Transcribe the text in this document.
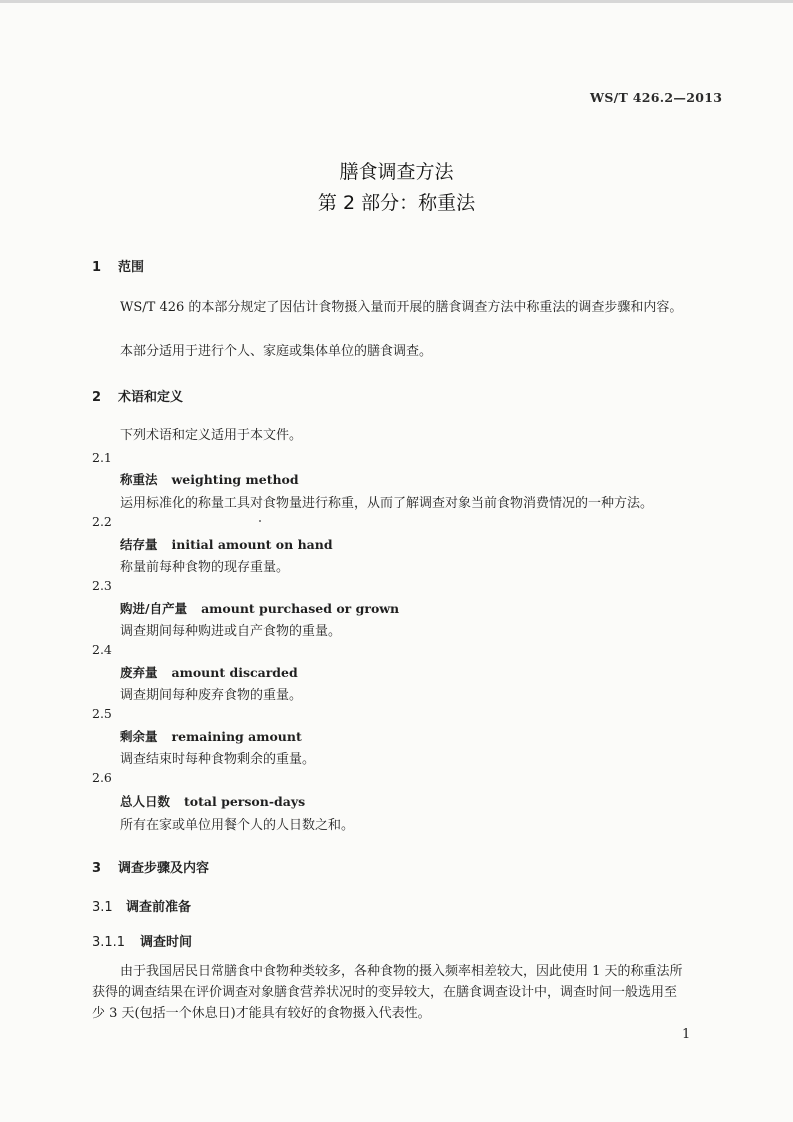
WS/T 426.2—2013
膳食调查方法
第 2 部分：称重法
1 范围
WS/T 426 的本部分规定了因估计食物摄入量而开展的膳食调查方法中称重法的调查步骤和内容。
本部分适用于进行个人、家庭或集体单位的膳食调查。
2 术语和定义
下列术语和定义适用于本文件。
2.1
称重法 weighting method
运用标准化的称量工具对食物量进行称重，从而了解调查对象当前食物消费情况的一种方法。
2.2
结存量 initial amount on hand
称量前每种食物的现存重量。
2.3
购进/自产量 amount purchased or grown
调查期间每种购进或自产食物的重量。
2.4
废弃量 amount discarded
调查期间每种废弃食物的重量。
2.5
剩余量 remaining amount
调查结束时每种食物剩余的重量。
2.6
总人日数 total person-days
所有在家或单位用餐个人的人日数之和。
3 调查步骤及内容
3.1 调查前准备
3.1.1 调查时间
由于我国居民日常膳食中食物种类较多，各种食物的摄入频率相差较大，因此使用 1 天的称重法所
获得的调查结果在评价调查对象膳食营养状况时的变异较大，在膳食调查设计中，调查时间一般选用至
少 3 天(包括一个休息日)才能具有较好的食物摄入代表性。
1
